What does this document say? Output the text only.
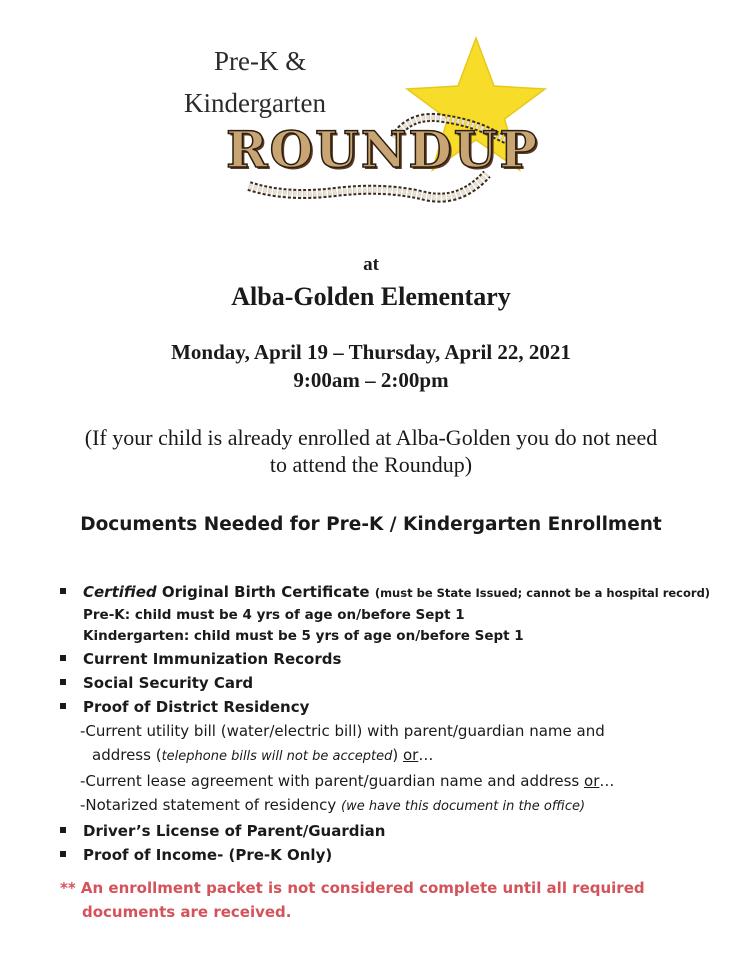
Pre-K &
Kindergarten
ROUNDUP
at
Alba-Golden Elementary
Monday, April 19 – Thursday, April 22, 2021
9:00am – 2:00pm
(If your child is already enrolled at Alba-Golden you do not need
to attend the Roundup)
Documents Needed for Pre-K / Kindergarten Enrollment
Certified Original Birth Certificate (must be State Issued; cannot be a hospital record)
Pre-K: child must be 4 yrs of age on/before Sept 1
Kindergarten: child must be 5 yrs of age on/before Sept 1
Current Immunization Records
Social Security Card
Proof of District Residency
-Current utility bill (water/electric bill) with parent/guardian name and
address (telephone bills will not be accepted) or…
-Current lease agreement with parent/guardian name and address or…
-Notarized statement of residency (we have this document in the office)
Driver’s License of Parent/Guardian
Proof of Income- (Pre-K Only)
** An enrollment packet is not considered complete until all required
documents are received.
